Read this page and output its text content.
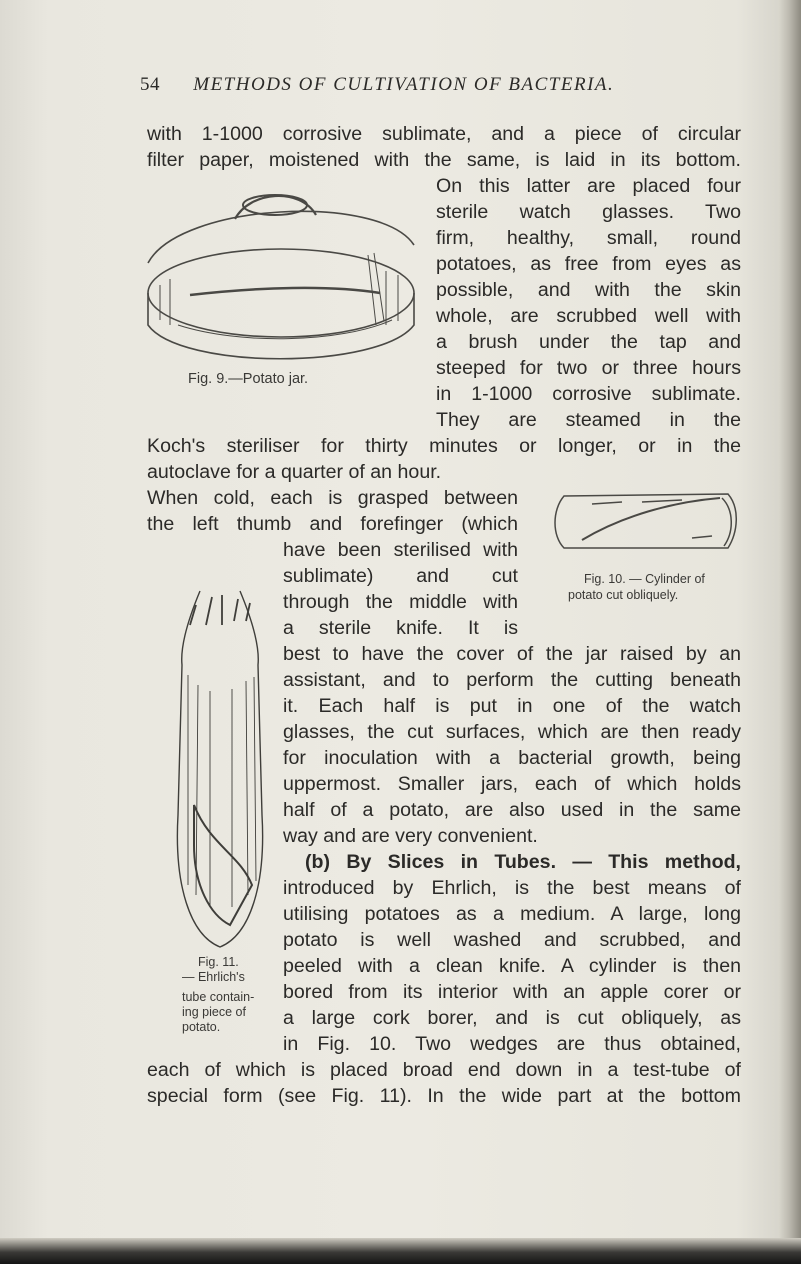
54 METHODS OF CULTIVATION OF BACTERIA.
Fig. 9.—Potato jar.
Fig. 10. — Cylinder of
potato cut obliquely.
Fig. 11.
— Ehrlich's
tube contain-
ing piece of
potato.
with 1-1000 corrosive sublimate, and a piece of circular
filter paper, moistened with the same, is laid in its bottom.
On this latter are placed four
sterile watch glasses. Two
firm, healthy, small, round
potatoes, as free from eyes as
possible, and with the skin
whole, are scrubbed well with
a brush under the tap and
steeped for two or three hours
in 1-1000 corrosive sublimate.
They are steamed in the
Koch's steriliser for thirty minutes or longer, or in the
autoclave for a quarter of an hour.
When cold, each is grasped between
the left thumb and forefinger (which
have been sterilised with
sublimate) and cut
through the middle with
a sterile knife. It is
best to have the cover of the jar raised by an
assistant, and to perform the cutting beneath
it. Each half is put in one of the watch
glasses, the cut surfaces, which are then ready
for inoculation with a bacterial growth, being
uppermost. Smaller jars, each of which holds
half of a potato, are also used in the same
way and are very convenient.
(b) By Slices in Tubes. — This method,
introduced by Ehrlich, is the best means of
utilising potatoes as a medium. A large, long
potato is well washed and scrubbed, and
peeled with a clean knife. A cylinder is then
bored from its interior with an apple corer or
a large cork borer, and is cut obliquely, as
in Fig. 10. Two wedges are thus obtained,
each of which is placed broad end down in a test-tube of
special form (see Fig. 11). In the wide part at the bottom
